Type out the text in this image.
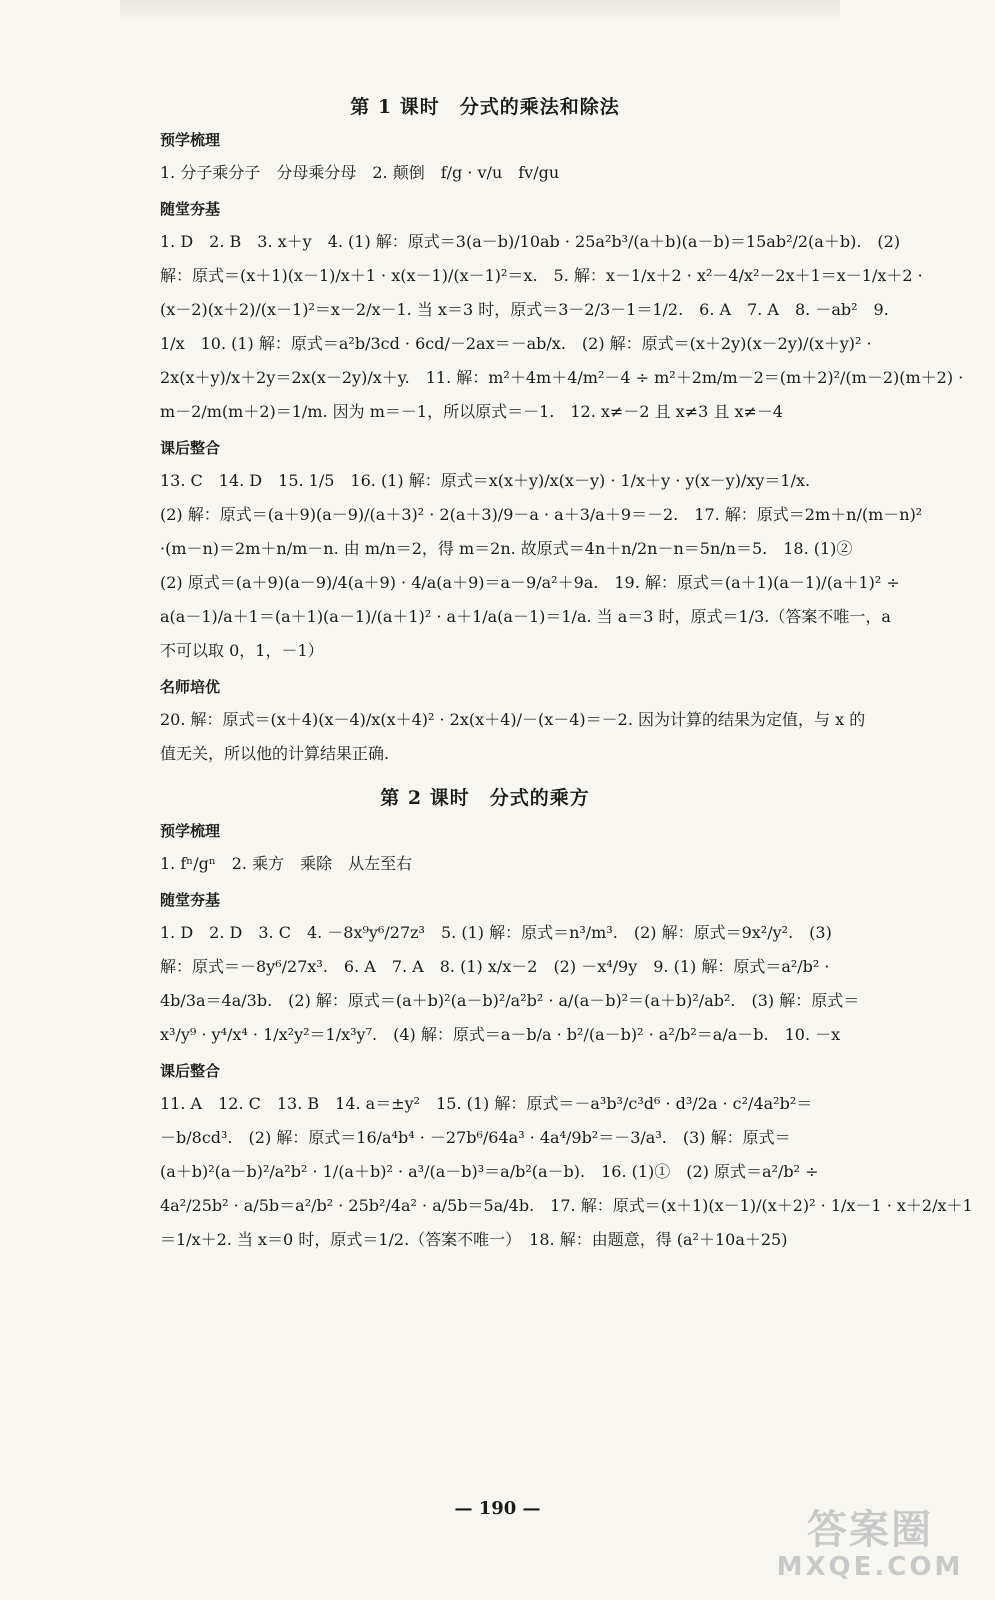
第 1 课时　分式的乘法和除法
预学梳理
1. 分子乘分子　分母乘分母　2. 颠倒　f/g · v/u　fv/gu
随堂夯基
1. D　2. B　3. x＋y　4. (1) 解：原式＝3(a－b)/10ab · 25a²b³/(a＋b)(a－b)＝15ab²/2(a＋b).　(2)
解：原式＝(x＋1)(x－1)/x＋1 · x(x－1)/(x－1)²＝x.　5. 解：x－1/x＋2 · x²－4/x²－2x＋1＝x－1/x＋2 ·
(x－2)(x＋2)/(x－1)²＝x－2/x－1. 当 x＝3 时，原式＝3－2/3－1＝1/2.　6. A　7. A　8. －ab²　9.
1/x　10. (1) 解：原式＝a²b/3cd · 6cd/－2ax＝－ab/x.　(2) 解：原式＝(x＋2y)(x－2y)/(x＋y)² ·
2x(x＋y)/x＋2y＝2x(x－2y)/x＋y.　11. 解：m²＋4m＋4/m²－4 ÷ m²＋2m/m－2＝(m＋2)²/(m－2)(m＋2) ·
m－2/m(m＋2)＝1/m. 因为 m＝－1，所以原式＝－1.　12. x≠－2 且 x≠3 且 x≠－4
课后整合
13. C　14. D　15. 1/5　16. (1) 解：原式＝x(x＋y)/x(x－y) · 1/x＋y · y(x－y)/xy＝1/x.
(2) 解：原式＝(a＋9)(a－9)/(a＋3)² · 2(a＋3)/9－a · a＋3/a＋9＝－2.　17. 解：原式＝2m＋n/(m－n)²
·(m－n)＝2m＋n/m－n. 由 m/n＝2，得 m＝2n. 故原式＝4n＋n/2n－n＝5n/n＝5.　18. (1)②
(2) 原式＝(a＋9)(a－9)/4(a＋9) · 4/a(a＋9)＝a－9/a²＋9a.　19. 解：原式＝(a＋1)(a－1)/(a＋1)² ÷
a(a－1)/a＋1＝(a＋1)(a－1)/(a＋1)² · a＋1/a(a－1)＝1/a. 当 a＝3 时，原式＝1/3.（答案不唯一，a
不可以取 0，1，－1）
名师培优
20. 解：原式＝(x＋4)(x－4)/x(x＋4)² · 2x(x＋4)/－(x－4)＝－2. 因为计算的结果为定值，与 x 的
值无关，所以他的计算结果正确.
第 2 课时　分式的乘方
预学梳理
1. fⁿ/gⁿ　2. 乘方　乘除　从左至右
随堂夯基
1. D　2. D　3. C　4. －8x⁹y⁶/27z³　5. (1) 解：原式＝n³/m³.　(2) 解：原式＝9x²/y².　(3)
解：原式＝－8y⁶/27x³.　6. A　7. A　8. (1) x/x－2　(2) －x⁴/9y　9. (1) 解：原式＝a²/b² ·
4b/3a＝4a/3b.　(2) 解：原式＝(a＋b)²(a－b)²/a²b² · a/(a－b)²＝(a＋b)²/ab².　(3) 解：原式＝
x³/y⁹ · y⁴/x⁴ · 1/x²y²＝1/x³y⁷.　(4) 解：原式＝a－b/a · b²/(a－b)² · a²/b²＝a/a－b.　10. －x
课后整合
11. A　12. C　13. B　14. a＝±y²　15. (1) 解：原式＝－a³b³/c³d⁶ · d³/2a · c²/4a²b²＝
－b/8cd³.　(2) 解：原式＝16/a⁴b⁴ · －27b⁶/64a³ · 4a⁴/9b²＝－3/a³.　(3) 解：原式＝
(a＋b)²(a－b)²/a²b² · 1/(a＋b)² · a³/(a－b)³＝a/b²(a－b).　16. (1)①　(2) 原式＝a²/b² ÷
4a²/25b² · a/5b＝a²/b² · 25b²/4a² · a/5b＝5a/4b.　17. 解：原式＝(x＋1)(x－1)/(x＋2)² · 1/x－1 · x＋2/x＋1
＝1/x＋2. 当 x＝0 时，原式＝1/2.（答案不唯一）　18. 解：由题意，得 (a²＋10a＋25)
— 190 —	答案圈
MXQE.COM
